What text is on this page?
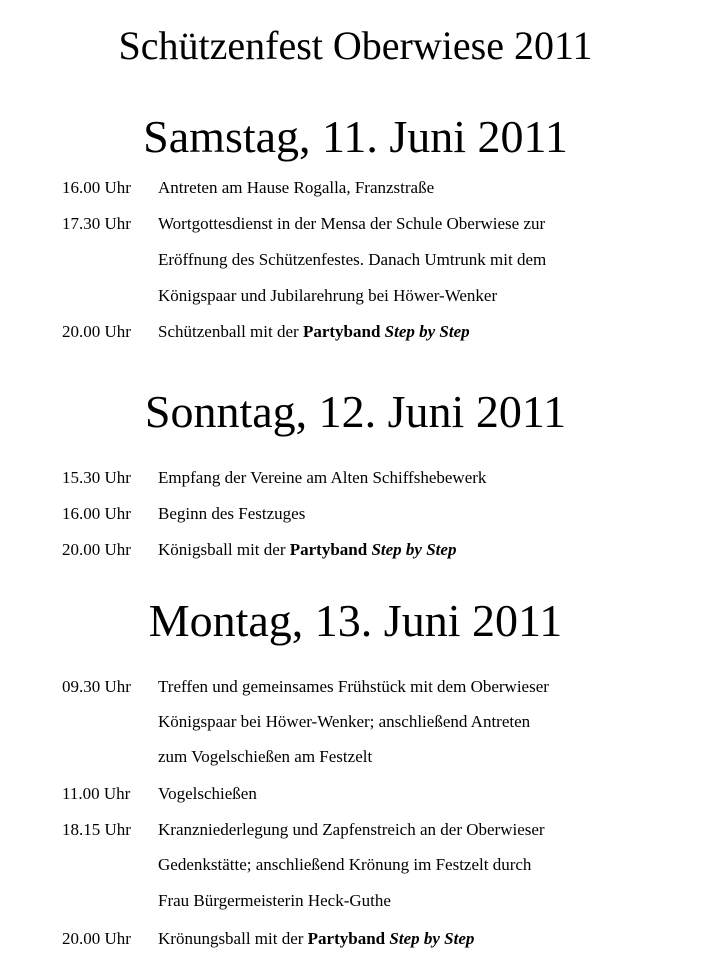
Schützenfest Oberwiese 2011
Samstag, 11. Juni 2011
16.00 Uhr Antreten am Hause Rogalla, Franzstraße
17.30 Uhr Wortgottesdienst in der Mensa der Schule Oberwiese zur
Eröffnung des Schützenfestes. Danach Umtrunk mit dem
Königspaar und Jubilarehrung bei Höwer-Wenker
20.00 Uhr Schützenball mit der Partyband Step by Step
Sonntag, 12. Juni 2011
15.30 Uhr Empfang der Vereine am Alten Schiffshebewerk
16.00 Uhr Beginn des Festzuges
20.00 Uhr Königsball mit der Partyband Step by Step
Montag, 13. Juni 2011
09.30 Uhr Treffen und gemeinsames Frühstück mit dem Oberwieser
Königspaar bei Höwer-Wenker; anschließend Antreten
zum Vogelschießen am Festzelt
11.00 Uhr Vogelschießen
18.15 Uhr Kranzniederlegung und Zapfenstreich an der Oberwieser
Gedenkstätte; anschließend Krönung im Festzelt durch
Frau Bürgermeisterin Heck-Guthe
20.00 Uhr Krönungsball mit der Partyband Step by Step
